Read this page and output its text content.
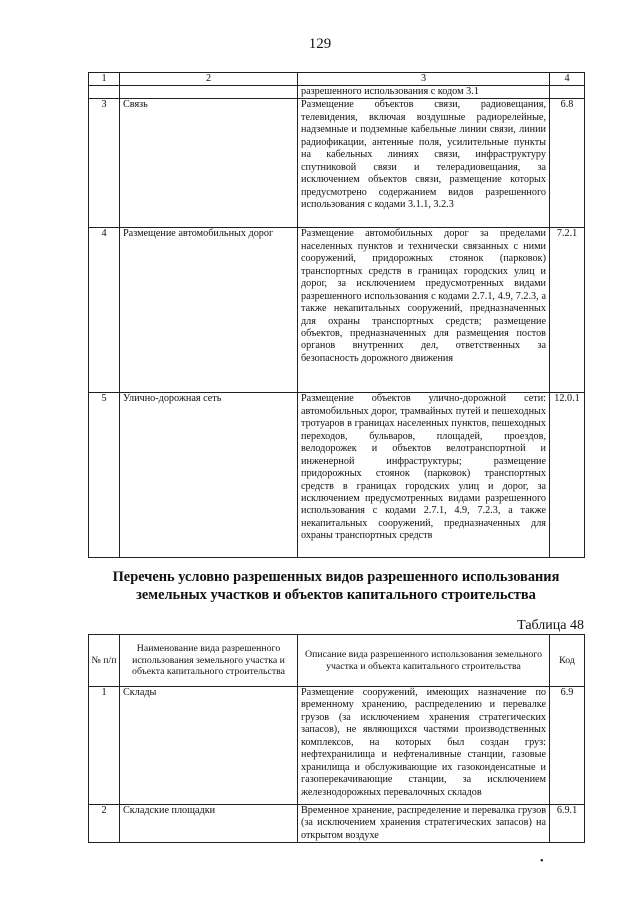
129
1	2	3	4
		разрешенного использования с кодом 3.1	
3	Связь	Размещение объектов связи, радиовещания, телевидения, включая воздушные радиорелейные, надземные и подземные кабельные линии связи, линии радиофикации, антенные поля, усилительные пункты на кабельных линиях связи, инфраструктуру спутниковой связи и телерадиовещания, за исключением объектов связи, размещение которых предусмотрено содержанием видов разрешенного использования с кодами 3.1.1, 3.2.3	6.8
4	Размещение автомобильных дорог	Размещение автомобильных дорог за пределами населенных пунктов и технически связанных с ними сооружений, придорожных стоянок (парковок) транспортных средств в границах городских улиц и дорог, за исключением предусмотренных видами разрешенного использования с кодами 2.7.1, 4.9, 7.2.3, а также некапитальных сооружений, предназначенных для охраны транспортных средств; размещение объектов, предназначенных для размещения постов органов внутренних дел, ответственных за безопасность дорожного движения	7.2.1
5	Улично-дорожная сеть	Размещение объектов улично-дорожной сети: автомобильных дорог, трамвайных путей и пешеходных тротуаров в границах населенных пунктов, пешеходных переходов, бульваров, площадей, проездов, велодорожек и объектов велотранспортной и инженерной инфраструктуры; размещение придорожных стоянок (парковок) транспортных средств в границах городских улиц и дорог, за исключением предусмотренных видами разрешенного использования с кодами 2.7.1, 4.9, 7.2.3, а также некапитальных сооружений, предназначенных для охраны транспортных средств	12.0.1
Перечень условно разрешенных видов разрешенного использования земельных участков и объектов капитального строительства
Таблица 48
№ п/п	Наименование вида разрешенного использования земельного участка и объекта капитального строительства	Описание вида разрешенного использования земельного участка и объекта капитального строительства	Код
1	Склады	Размещение сооружений, имеющих назначение по временному хранению, распределению и перевалке грузов (за исключением хранения стратегических запасов), не являющихся частями производственных комплексов, на которых был создан груз: нефтехранилища и нефтеналивные станции, газовые хранилища и обслуживающие их газоконденсатные и газоперекачивающие станции, за исключением железнодорожных перевалочных складов	6.9
2	Складские площадки	Временное хранение, распределение и перевалка грузов (за исключением хранения стратегических запасов) на открытом воздухе	6.9.1
•
